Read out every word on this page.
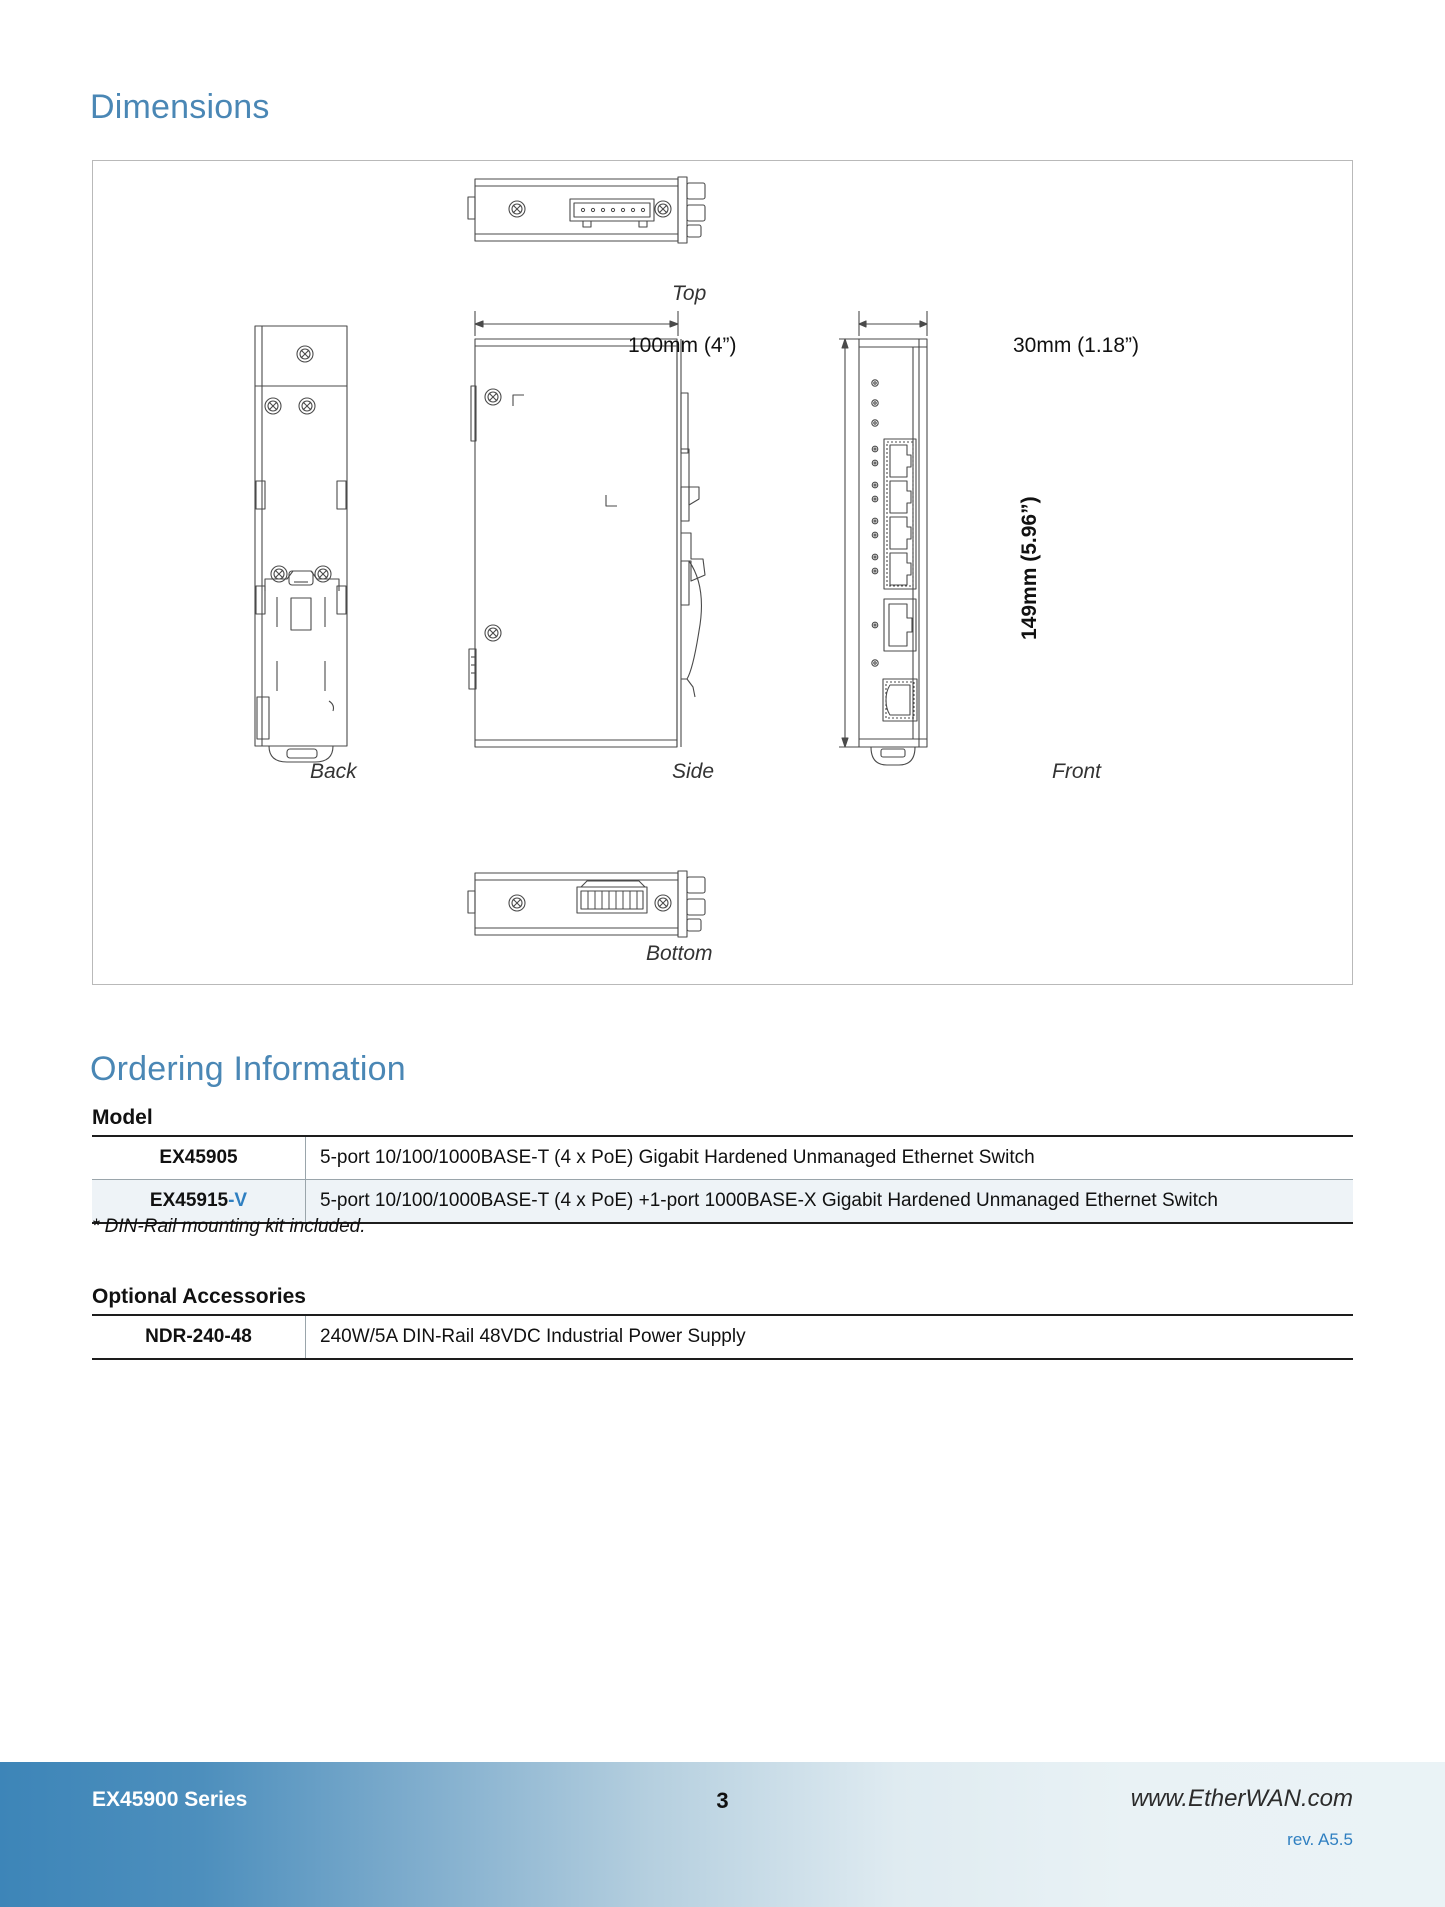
Dimensions
Top
Back	Side	Front
Bottom
100mm (4”)	30mm (1.18”)
149mm (5.96”)
Ordering Information
Model
EX45905	5-port 10/100/1000BASE-T (4 x PoE) Gigabit Hardened Unmanaged Ethernet Switch
EX45915-V	5-port 10/100/1000BASE-T (4 x PoE) +1-port 1000BASE-X Gigabit Hardened Unmanaged Ethernet Switch
* DIN-Rail mounting kit included.
Optional Accessories
NDR-240-48	240W/5A DIN-Rail 48VDC Industrial Power Supply
EX45900 Series	3	www.EtherWAN.com
rev. A5.5
